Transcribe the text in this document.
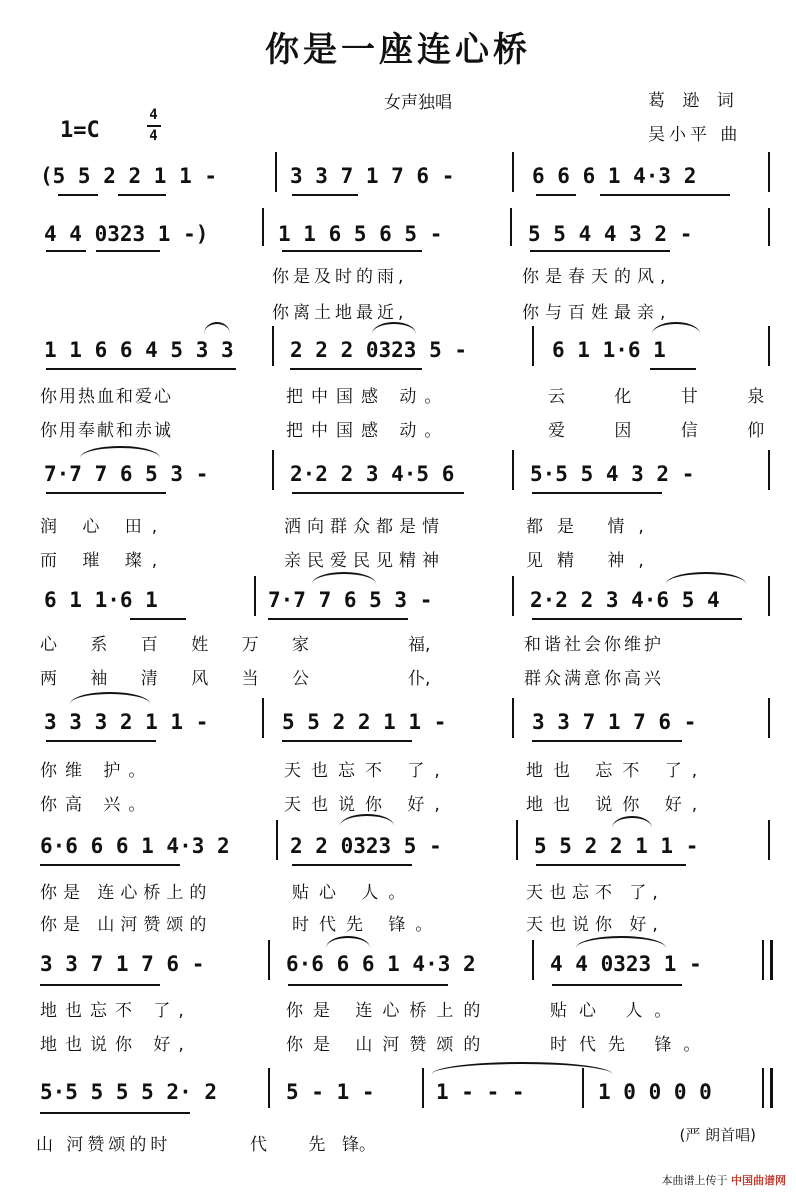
你是一座连心桥
女声独唱	葛 逊 词
吴小平 曲
1=C
4
4
(5 5 2 2 1 1 -	3 3 7 1 7 6 -	6 6 6 1 4·3 2
4 4 0323 1 -)	1 1 6 5 6 5 -	5 5 4 4 3 2 -
你是及时的雨,	你是春天的风,
你离土地最近,	你与百姓最亲,
1 1 6 6 4 5 3 3	2 2 2 0323 5 -	6 1 1·6 1
你用热血和爱心	把中国感 动。	云 化 甘 泉
你用奉献和赤诚	把中国感 动。	爱 因 信 仰
7·7 7 6 5 3 -	2·2 2 3 4·5 6	5·5 5 4 3 2 -
润 心 田,	洒向群众都是情	都是 情,
而 璀 璨,	亲民爱民见精神	见精 神,
6 1 1·6 1	7·7 7 6 5 3 -	2·2 2 3 4·6 5 4
心 系 百 姓 万 家	福,	和谐社会你维护
两 袖 清 风 当 公	仆,	群众满意你高兴
3 3 3 2 1 1 -	5 5 2 2 1 1 -	3 3 7 1 7 6 -
你维 护。	天也忘不 了,	地也 忘不 了,
你高 兴。	天也说你 好,	地也 说你 好,
6·6 6 6 1 4·3 2	2 2 0323 5 -	5 5 2 2 1 1 -
你是 连心桥上的	贴心 人。	天也忘不 了,
你是 山河赞颂的	时代先 锋。	天也说你 好,
3 3 7 1 7 6 -	6·6 6 6 1 4·3 2	4 4 0323 1 -
地也忘不 了,	你是 连心桥上的	贴心 人。
地也说你 好,	你是 山河赞颂的	时代先 锋。
5·5 5 5 5 2· 2	5 - 1 -	1 - - -	1 0 0 0 0
山 河赞颂的时	代 先
锋。	(严 朗首唱)
本曲谱上传于 中国曲谱网
